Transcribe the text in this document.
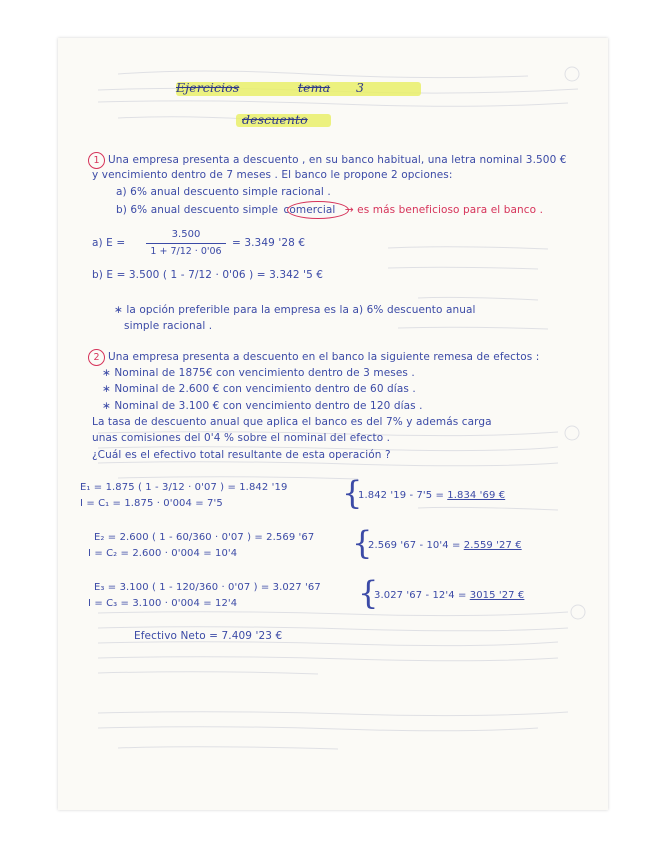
Ejercicios	tema 3
descuento
1 Una empresa presenta a descuento , en su banco habitual, una letra nominal 3.500 €
y vencimiento dentro de 7 meses . El banco le propone 2 opciones:
a) 6% anual descuento simple racional .
b) 6% anual descuento simple comercial → es más beneficioso para el banco .
a) E =
3.500
1 + 7/12 · 0'06
= 3.349 '28 €
b) E = 3.500 ( 1 - 7/12 · 0'06 ) = 3.342 '5 €
∗ la opción preferible para la empresa es la a) 6% descuento anual
simple racional .
2 Una empresa presenta a descuento en el banco la siguiente remesa de efectos :
∗ Nominal de 1875€ con vencimiento dentro de 3 meses .
∗ Nominal de 2.600 € con vencimiento dentro de 60 días .
∗ Nominal de 3.100 € con vencimiento dentro de 120 días .
La tasa de descuento anual que aplica el banco es del 7% y además carga
unas comisiones del 0'4 % sobre el nominal del efecto .
¿Cuál es el efectivo total resultante de esta operación ?
E₁ = 1.875 ( 1 - 3/12 · 0'07 ) = 1.842 '19
I = C₁ = 1.875 · 0'004 = 7'5	{
1.842 '19 - 7'5 = 1.834 '69 €
E₂ = 2.600 ( 1 - 60/360 · 0'07 ) = 2.569 '67
I = C₂ = 2.600 · 0'004 = 10'4	{
2.569 '67 - 10'4 = 2.559 '27 €
E₃ = 3.100 ( 1 - 120/360 · 0'07 ) = 3.027 '67
I = C₃ = 3.100 · 0'004 = 12'4	{
3.027 '67 - 12'4 = 3015 '27 €
Efectivo Neto = 7.409 '23 €
